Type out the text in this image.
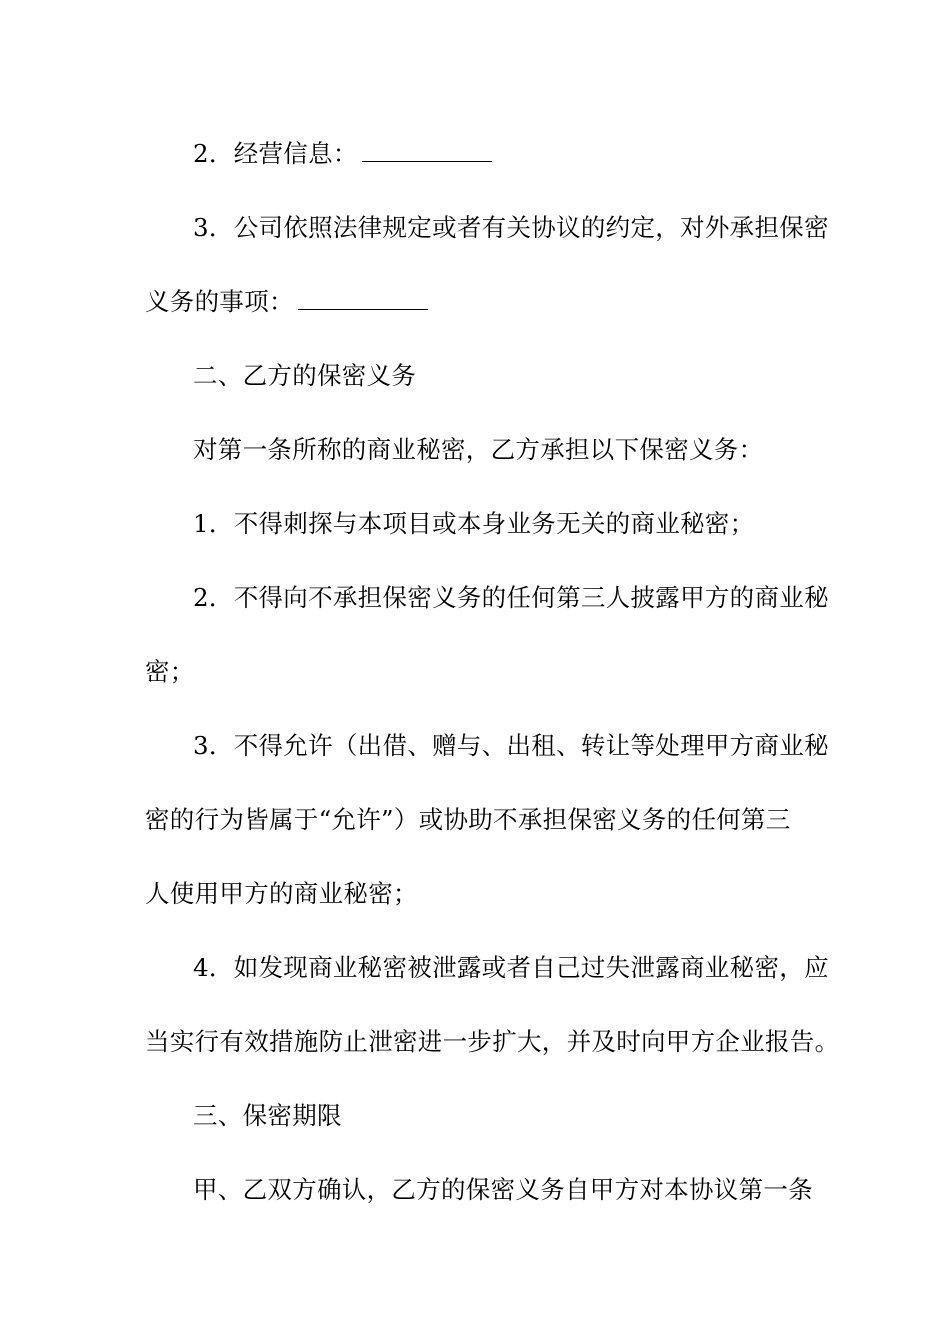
2．经营信息：
3．公司依照法律规定或者有关协议的约定，对外承担保密
义务的事项：
二、乙方的保密义务
对第一条所称的商业秘密，乙方承担以下保密义务：
1．不得刺探与本项目或本身业务无关的商业秘密；
2．不得向不承担保密义务的任何第三人披露甲方的商业秘
密；
3．不得允许（出借、赠与、出租、转让等处理甲方商业秘
密的行为皆属于“允许”）或协助不承担保密义务的任何第三
人使用甲方的商业秘密；
4．如发现商业秘密被泄露或者自己过失泄露商业秘密，应
当实行有效措施防止泄密进一步扩大，并及时向甲方企业报告。
三、保密期限
甲、乙双方确认，乙方的保密义务自甲方对本协议第一条
